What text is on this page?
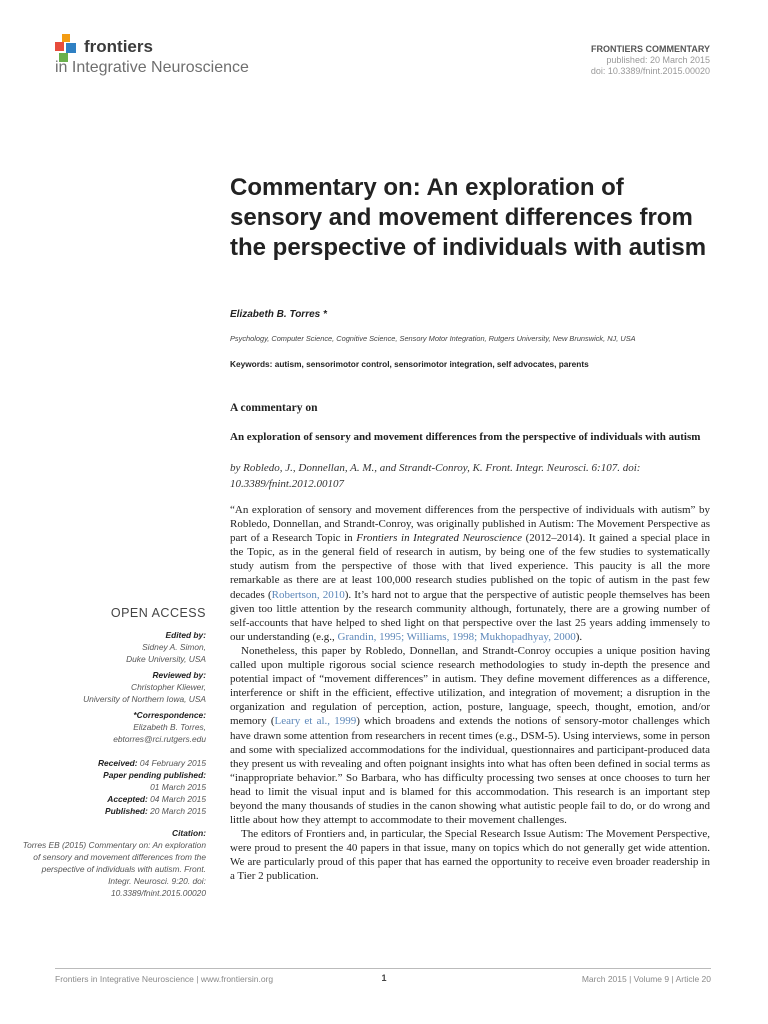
frontiers
in Integrative Neuroscience
FRONTIERS COMMENTARY
published: 20 March 2015
doi: 10.3389/fnint.2015.00020
Commentary on: An exploration of sensory and movement differences from the perspective of individuals with autism
Elizabeth B. Torres *
Psychology, Computer Science, Cognitive Science, Sensory Motor Integration, Rutgers University, New Brunswick, NJ, USA
Keywords: autism, sensorimotor control, sensorimotor integration, self advocates, parents
A commentary on
An exploration of sensory and movement differences from the perspective of individuals with autism
by Robledo, J., Donnellan, A. M., and Strandt-Conroy, K. Front. Integr. Neurosci. 6:107. doi: 10.3389/fnint.2012.00107

“An exploration of sensory and movement differences from the perspective of individuals with autism” by Robledo, Donnellan, and Strandt-Conroy, was originally published in Autism: The Movement Perspective as part of a Research Topic in Frontiers in Integrated Neuroscience (2012–2014). It gained a special place in the Topic, as in the general field of research in autism, by being one of the few studies to systematically study autism from the perspective of those with that lived experience. This paucity is all the more remarkable as there are at least 100,000 research studies published on the topic of autism in the past few decades (Robertson, 2010). It’s hard not to argue that the perspective of autistic people themselves has been given too little attention by the research community although, fortunately, there are a growing number of self-accounts that have helped to shed light on that perspective over the last 25 years adding immensely to our understanding (e.g., Grandin, 1995; Williams, 1998; Mukhopadhyay, 2000).

Nonetheless, this paper by Robledo, Donnellan, and Strandt-Conroy occupies a unique position having called upon multiple rigorous social science research methodologies to study in-depth the presence and potential impact of “movement differences” in autism. They define movement differences as a difference, interference or shift in the efficient, effective utilization, and integration of movement; a disruption in the organization and regulation of perception, action, posture, language, speech, thought, emotion, and/or memory (Leary et al., 1999) which broadens and extends the notions of sensory-motor challenges which have drawn some attention from researchers in recent times (e.g., DSM-5). Using interviews, some in person and some with specialized accommodations for the individual, questionnaires and participant-produced data they present us with revealing and often poignant insights into what has often been defined in social terms as “inappropriate behavior.” So Barbara, who has difficulty processing two senses at once chooses to turn her head to limit the visual input and is blamed for this accommodation. This research is an important step beyond the many thousands of studies in the canon showing what autistic people fail to do, or do wrong and little about how they attempt to accommodate to their movement challenges.

The editors of Frontiers and, in particular, the Special Research Issue Autism: The Movement Perspective, were proud to present the 40 papers in that issue, many on topics which do not generally get wide attention. We are particularly proud of this paper that has earned the opportunity to receive even broader readership in a Tier 2 publication.

OPEN ACCESS
Edited by:
Sidney A. Simon,
Duke University, USA
Reviewed by:
Christopher Kliewer,
University of Northern Iowa, USA
*Correspondence:
Elizabeth B. Torres,
ebtorres@rci.rutgers.edu
Received: 04 February 2015
Paper pending published:
01 March 2015
Accepted: 04 March 2015
Published: 20 March 2015
Citation:
Torres EB (2015) Commentary on: An exploration of sensory and movement differences from the perspective of individuals with autism. Front. Integr. Neurosci. 9:20. doi: 10.3389/fnint.2015.00020
Frontiers in Integrative Neuroscience | www.frontiersin.org	1	March 2015 | Volume 9 | Article 20
